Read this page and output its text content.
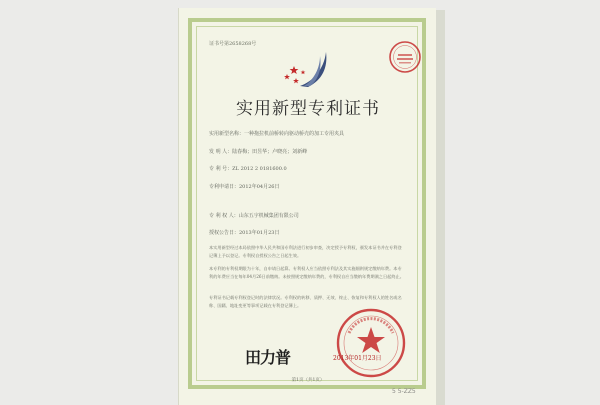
证书号第2658268号
实用新型专利证书
实用新型名称：一种拖拉机前桥转向驱动桥壳的加工专用夹具
发 明 人：陆春梅；田昱华；卢晓亮；刘新峰
专 利 号：ZL 2012 2 0181600.0
专利申请日：2012年04月26日
专 利 权 人：山东五宇机械集团有限公司
授权公告日：2013年01月23日
本实用新型经过本局依照中华人民共和国专利法进行初步审查，决定授予专利权，颁发本证书并在专利登记簿上予以登记。专利权自授权公告之日起生效。
本专利的专利权期限为十年，自申请日起算。专利权人应当依照专利法及其实施细则规定缴纳年费。本专利的年费应当在每年04月26日前缴纳。未按照规定缴纳年费的，专利权自应当缴纳年费期满之日起终止。
专利证书记载专利权登记时的法律状况。专利权的转移、质押、无效、终止、恢复和专利权人的姓名或名称、国籍、地址变更等事项记载在专利登记簿上。
田力普	2013年01月23日
第1页（共1页）
5 5-ZZ5
